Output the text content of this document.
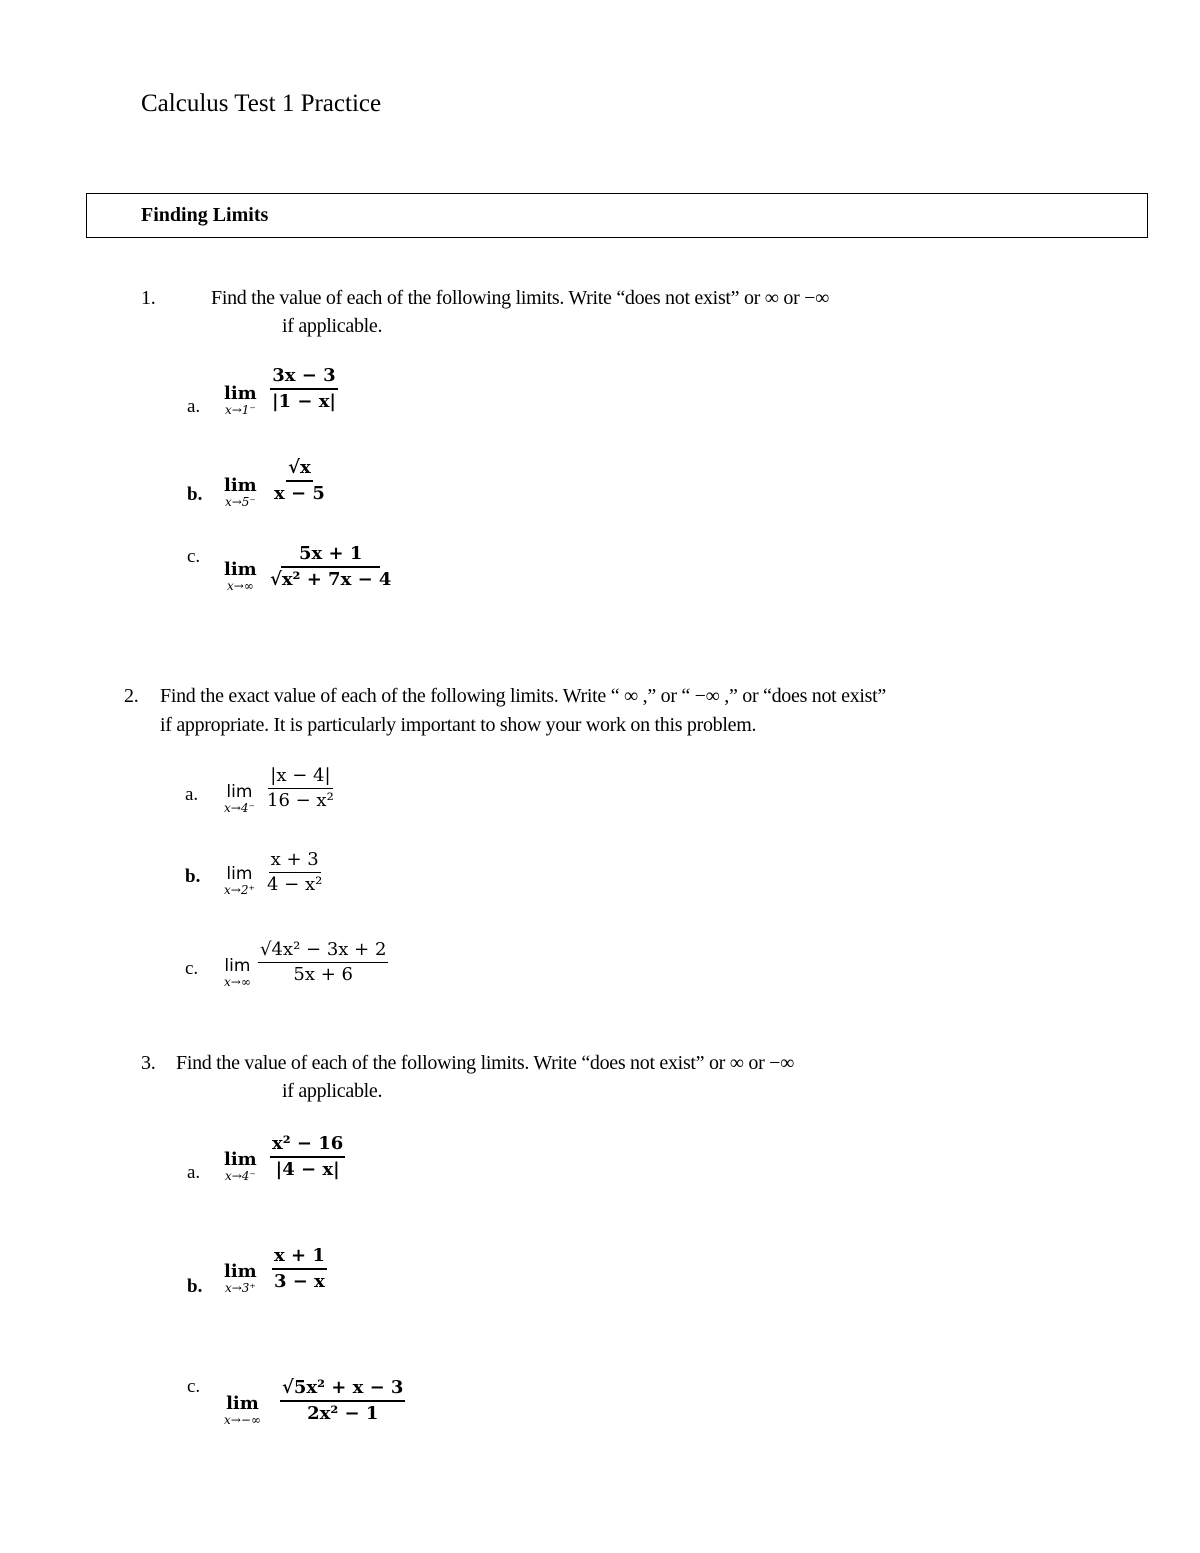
Calculus Test 1 Practice
Finding Limits
1.	Find the value of each of the following limits. Write “does not exist” or ∞ or −∞
if applicable.
a.
lim
$x\to 1^- \frac{3x - 3}{|1 - x|}$
b. lim
$x\to 5^- \frac{√x}{x - 5}$
c.
lim
$x\to\infty \frac{5x + 1}{\text{√x² + 7x − 4}}$
2. Find the exact value of each of the following limits. Write “ ∞ ,” or “ −∞ ,” or “does not exist”
if appropriate. It is particularly important to show your work on this problem.
a. lim
$x\to 4^- \frac{|x - 4|}{\text{16 − x²}}$
b. lim
$x\to 2^+ \frac{x + 3}{\text{4 − x²}}$
c. lim
$x\to\infty \frac{\text{√4x² − 3x + 2}}{5x + 6}$
3. Find the value of each of the following limits. Write “does not exist” or ∞ or −∞
if applicable.
a.
lim
$x\to 4^- \frac{\text{x² − 16}}{|4 - x|}$
b.
lim
$x\to 3^+ \frac{x + 1}{3 - x}$
c.
lim
$x\to-\infty \frac{\text{√5x² + x − 3}}{\text{2x² − 1}}$
